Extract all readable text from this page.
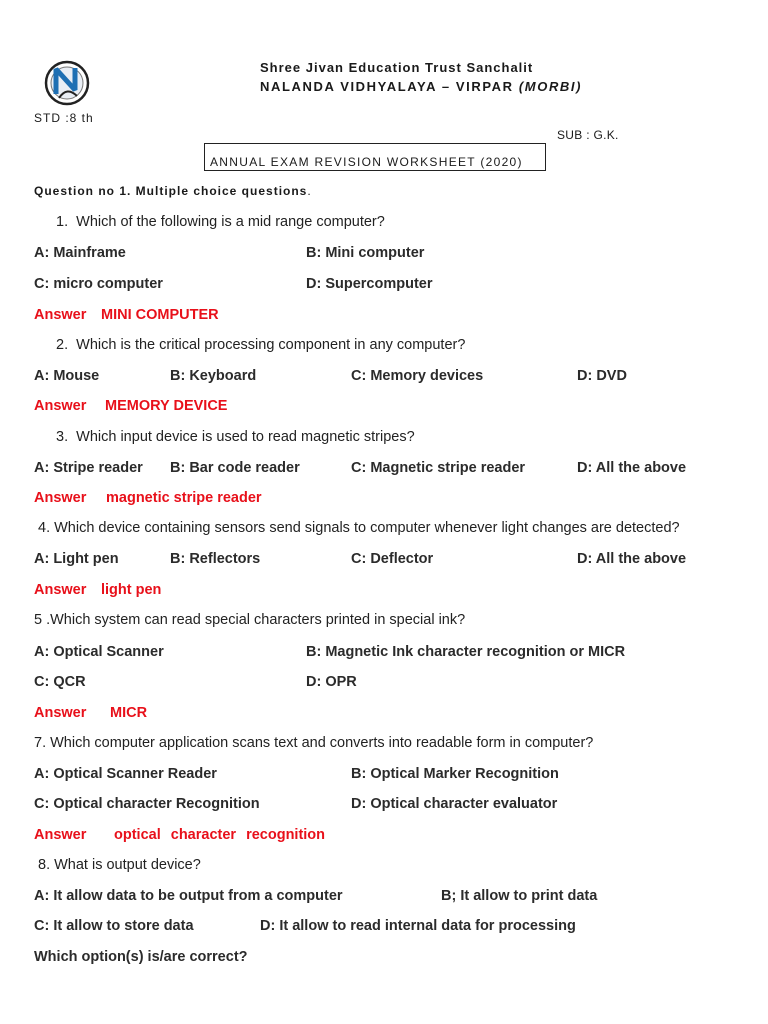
Shree Jivan Education Trust Sanchalit
NALANDA VIDHYALAYA – VIRPAR (MORBI)
STD :8 th
SUB : G.K.
ANNUAL EXAM REVISION WORKSHEET (2020)
Question no 1. Multiple choice questions.
1.  Which of the following is a mid range computer?
A: Mainframe	B: Mini computer
C: micro computer	D: Supercomputer
Answer MINI COMPUTER
2.  Which is the critical processing component in any computer?
A: Mouse	B: Keyboard	C: Memory devices	D: DVD
Answer MEMORY DEVICE
3.  Which input device is used to read magnetic stripes?
A: Stripe reader B: Bar code reader	C: Magnetic stripe reader	D: All the above
Answer magnetic stripe reader
4. Which device containing sensors send signals to computer whenever light changes are detected?
A: Light pen	B: Reflectors	C: Deflector	D: All the above
Answer light pen
5 .Which system can read special characters printed in special ink?
A: Optical Scanner	B: Magnetic Ink character recognition or MICR
C: QCR	D: OPR
Answer MICR
7. Which computer application scans text and converts into readable form in computer?
A: Optical Scanner Reader	B: Optical Marker Recognition
C: Optical character Recognition	D: Optical character evaluator
Answer optical character recognition
8. What is output device?
A: It allow data to be output from a computer	B; It allow to print data
C: It allow to store data	D: It allow to read internal data for processing
Which option(s) is/are correct?
